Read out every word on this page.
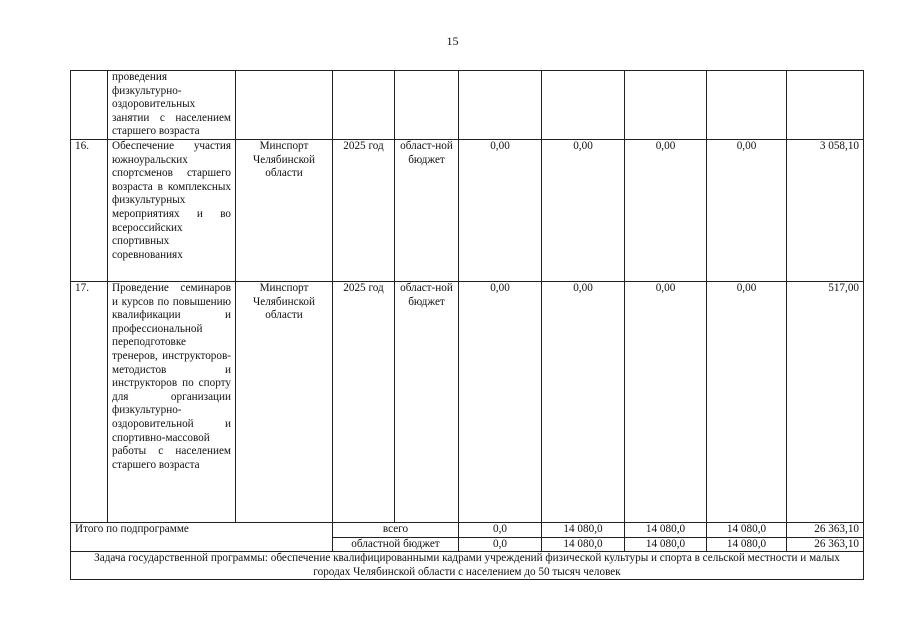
15
	проведения физкультурно-оздоровительных занятии с населением старшего возраста								
16.	Обеспечение участия южноуральских спортсменов старшего возраста в комплексных физкультурных мероприятиях и во всероссийских спортивных соревнованиях	Минспорт Челябинской области	2025 год	област-ной бюджет	0,00	0,00	0,00	0,00	3 058,10
17.	Проведение семинаров и курсов по повышению квалификации и профессиональной переподготовке тренеров, инструкторов-методистов и инструкторов по спорту для организации физкультурно-оздоровительной и спортивно-массовой работы с населением старшего возраста	Минспорт Челябинской области	2025 год	област-ной бюджет	0,00	0,00	0,00	0,00	517,00
Итого по подпрограмме			всего		0,0	14 080,0	14 080,0	14 080,0	26 363,10
			областной бюджет		0,0	14 080,0	14 080,0	14 080,0	26 363,10
Задача государственной программы: обеспечение квалифицированными кадрами учреждений физической культуры и спорта в сельской местности и малых городах Челябинской области с населением до 50 тысяч человек									
